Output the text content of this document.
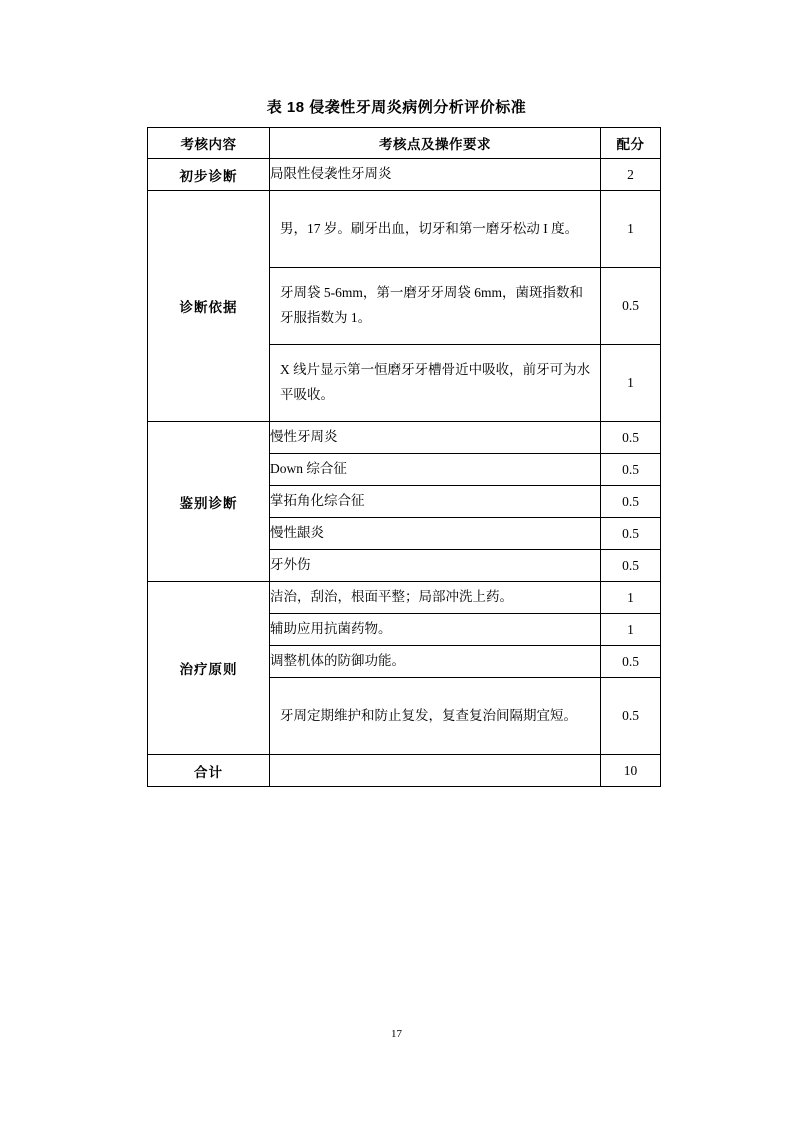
表 18 侵袭性牙周炎病例分析评价标准
考核内容	考核点及操作要求	配分
初步诊断	局限性侵袭性牙周炎	2
诊断依据	男，17 岁。刷牙出血，切牙和第一磨牙松动 I 度。	1
	牙周袋 5-6mm，第一磨牙牙周袋 6mm，菌斑指数和牙服指数为 1。	0.5
	X 线片显示第一恒磨牙牙槽骨近中吸收，前牙可为水平吸收。	1
鉴别诊断	慢性牙周炎	0.5
	Down 综合征	0.5
	掌拓角化综合征	0.5
	慢性龈炎	0.5
	牙外伤	0.5
治疗原则	洁治，刮治，根面平整；局部冲洗上药。	1
	辅助应用抗菌药物。	1
	调整机体的防御功能。	0.5
	牙周定期维护和防止复发，复查复治间隔期宜短。	0.5
合计		10
17
